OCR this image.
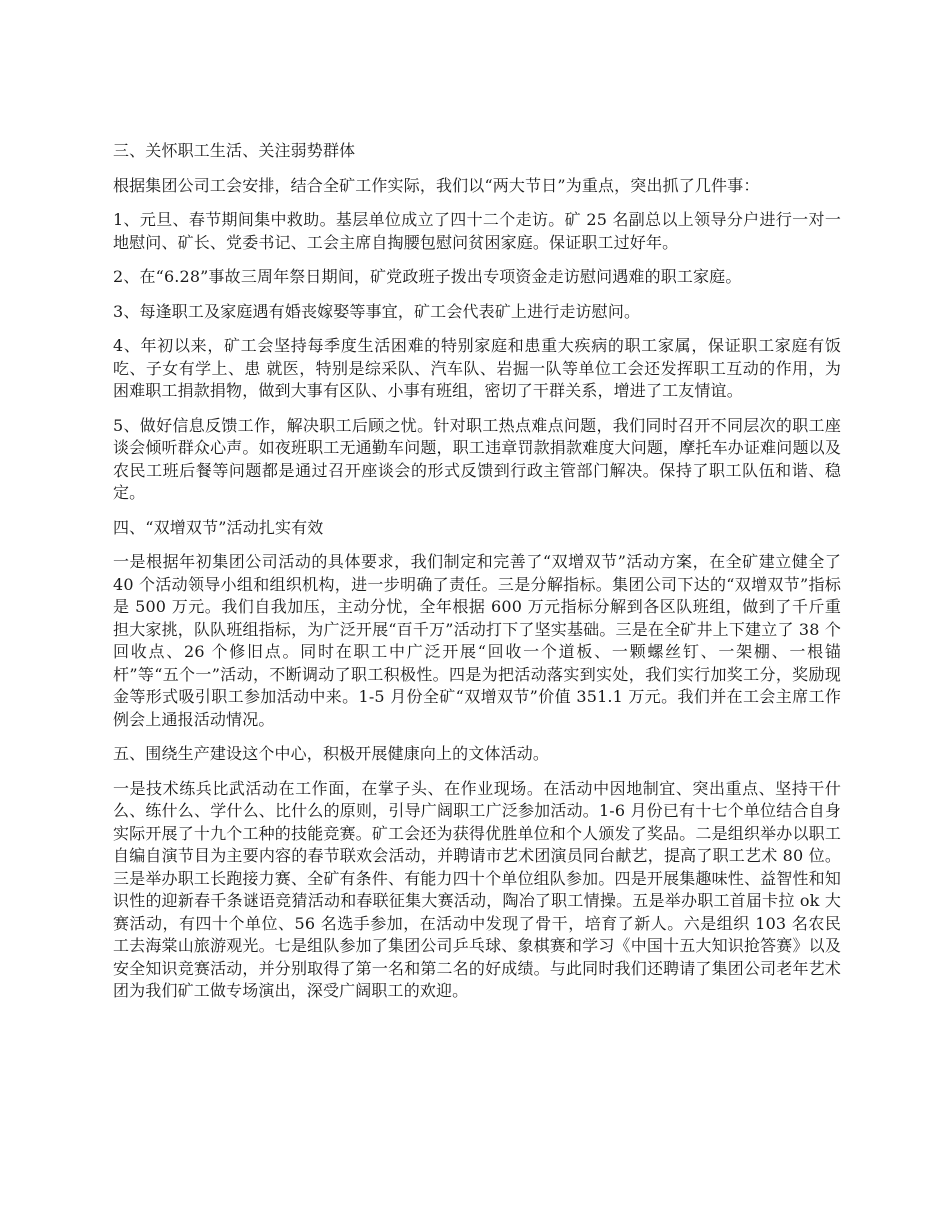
三、关怀职工生活、关注弱势群体

根据集团公司工会安排，结合全矿工作实际，我们以“两大节日”为重点，突出抓了几件事：

1、元旦、春节期间集中救助。基层单位成立了四十二个走访。矿 25 名副总以上领导分户进行一对一地慰问、矿长、党委书记、工会主席自掏腰包慰问贫困家庭。保证职工过好年。

2、在“6.28”事故三周年祭日期间，矿党政班子拨出专项资金走访慰问遇难的职工家庭。

3、每逢职工及家庭遇有婚丧嫁娶等事宜，矿工会代表矿上进行走访慰问。

4、年初以来，矿工会坚持每季度生活困难的特别家庭和患重大疾病的职工家属，保证职工家庭有饭吃、子女有学上、患 就医，特别是综采队、汽车队、岩掘一队等单位工会还发挥职工互动的作用，为困难职工捐款捐物，做到大事有区队、小事有班组，密切了干群关系，增进了工友情谊。

5、做好信息反馈工作，解决职工后顾之忧。针对职工热点难点问题，我们同时召开不同层次的职工座谈会倾听群众心声。如夜班职工无通勤车问题，职工违章罚款捐款难度大问题，摩托车办证难问题以及农民工班后餐等问题都是通过召开座谈会的形式反馈到行政主管部门解决。保持了职工队伍和谐、稳定。

四、“双增双节”活动扎实有效

一是根据年初集团公司活动的具体要求，我们制定和完善了“双增双节”活动方案，在全矿建立健全了 40 个活动领导小组和组织机构，进一步明确了责任。三是分解指标。集团公司下达的“双增双节”指标是 500 万元。我们自我加压，主动分忧，全年根据 600 万元指标分解到各区队班组，做到了千斤重担大家挑，队队班组指标，为广泛开展“百千万”活动打下了坚实基础。三是在全矿井上下建立了 38 个回收点、26 个修旧点。同时在职工中广泛开展“回收一个道板、一颗螺丝钉、一架棚、一根锚杆”等“五个一”活动，不断调动了职工积极性。四是为把活动落实到实处，我们实行加奖工分，奖励现金等形式吸引职工参加活动中来。1-5 月份全矿“双增双节”价值 351.1 万元。我们并在工会主席工作例会上通报活动情况。

五、围绕生产建设这个中心，积极开展健康向上的文体活动。

一是技术练兵比武活动在工作面，在掌子头、在作业现场。在活动中因地制宜、突出重点、坚持干什么、练什么、学什么、比什么的原则，引导广阔职工广泛参加活动。1-6 月份已有十七个单位结合自身实际开展了十九个工种的技能竞赛。矿工会还为获得优胜单位和个人颁发了奖品。二是组织举办以职工自编自演节目为主要内容的春节联欢会活动，并聘请市艺术团演员同台献艺，提高了职工艺术 80 位。三是举办职工长跑接力赛、全矿有条件、有能力四十个单位组队参加。四是开展集趣味性、益智性和知识性的迎新春千条谜语竞猜活动和春联征集大赛活动，陶冶了职工情操。五是举办职工首届卡拉 ok 大赛活动，有四十个单位、56 名选手参加，在活动中发现了骨干，培育了新人。六是组织 103 名农民工去海棠山旅游观光。七是组队参加了集团公司乒乓球、象棋赛和学习《中国十五大知识抢答赛》以及安全知识竞赛活动，并分别取得了第一名和第二名的好成绩。与此同时我们还聘请了集团公司老年艺术团为我们矿工做专场演出，深受广阔职工的欢迎。
